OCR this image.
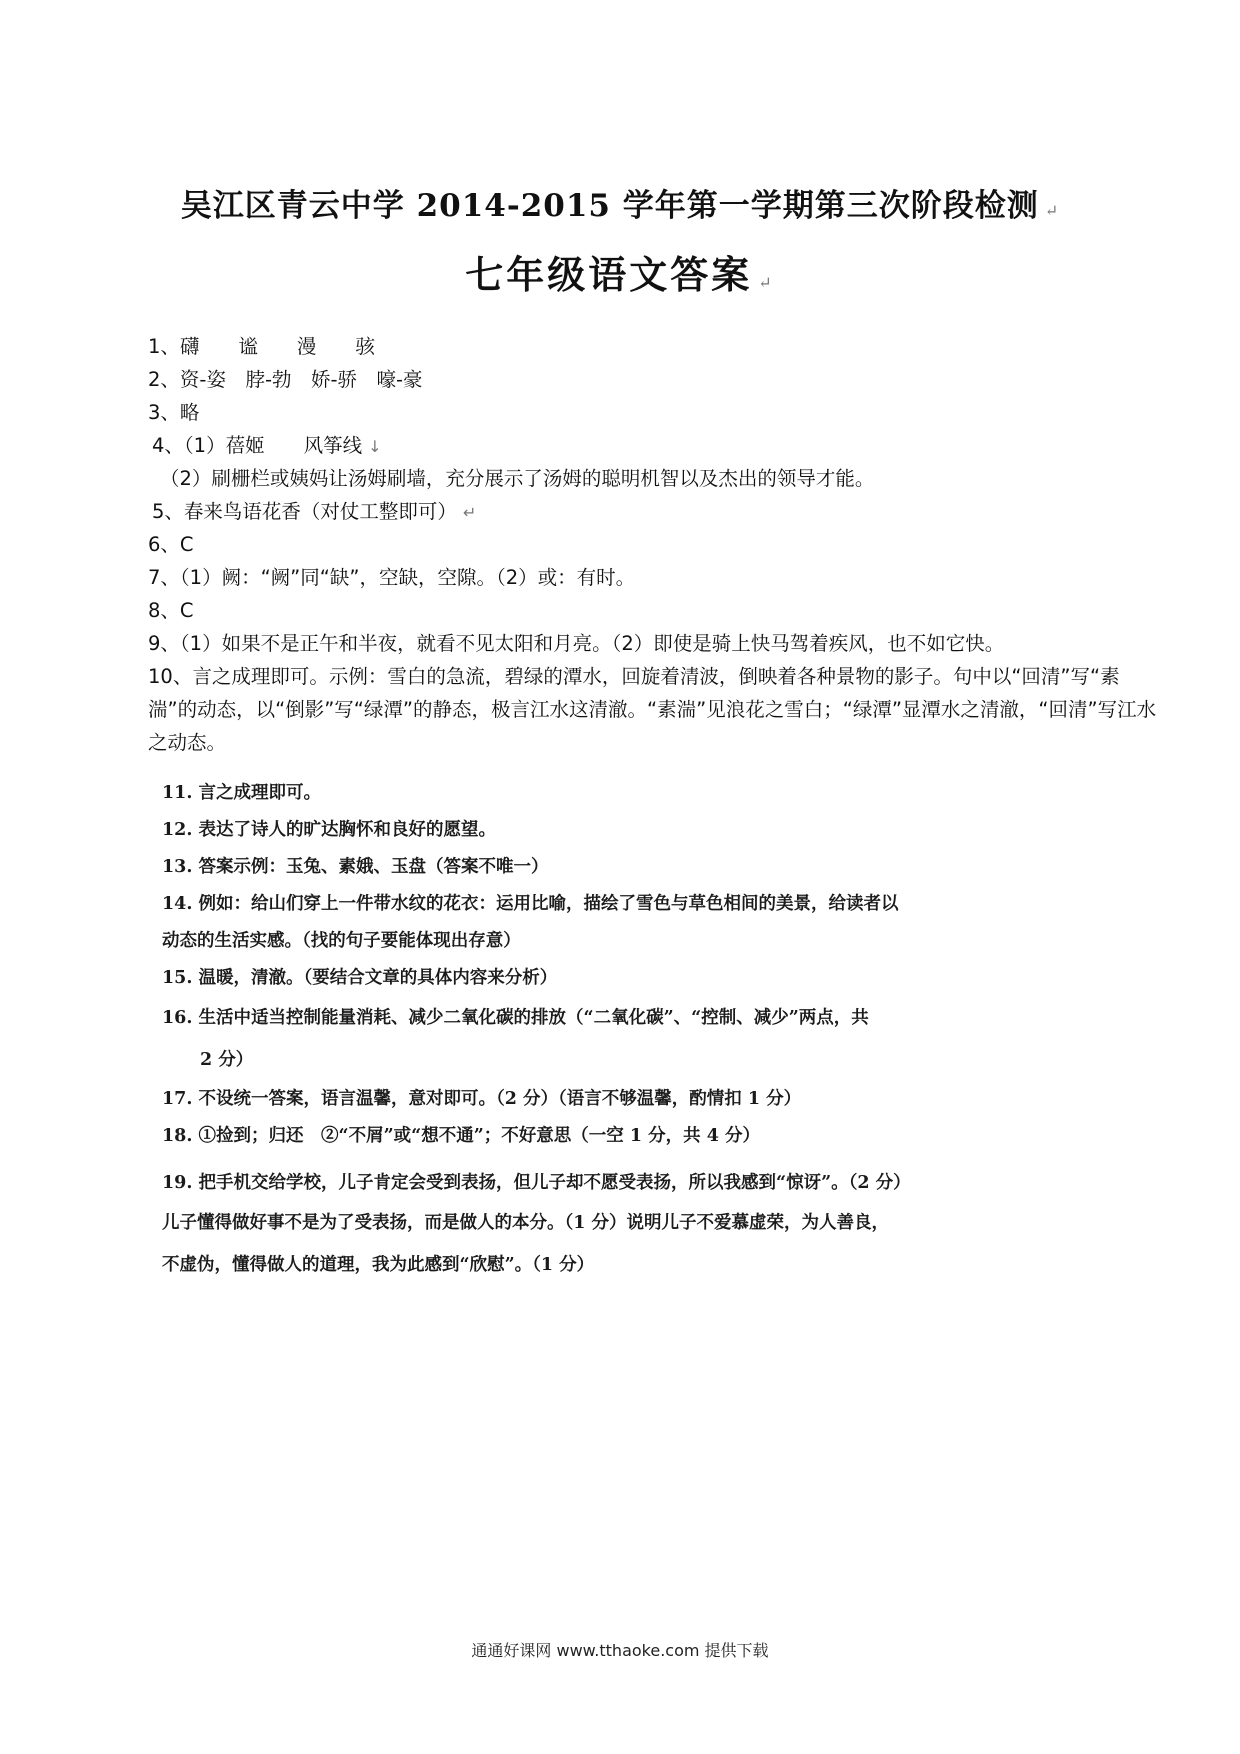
吴江区青云中学 2014-2015 学年第一学期第三次阶段检测 ↵
七年级语文答案 ↵
1、礴　　谧　　漫　　骇
2、资-姿　脖-勃　娇-骄　嚎-豪
3、略
4、（1）蓓姬　　风筝线 ↓
（2）刷栅栏或姨妈让汤姆刷墙，充分展示了汤姆的聪明机智以及杰出的领导才能。
5、春来鸟语花香（对仗工整即可） ↵
6、C
7、（1）阙：“阙”同“缺”，空缺，空隙。（2）或：有时。
8、C
9、（1）如果不是正午和半夜，就看不见太阳和月亮。（2）即使是骑上快马驾着疾风，也不如它快。
10、言之成理即可。示例：雪白的急流，碧绿的潭水，回旋着清波，倒映着各种景物的影子。句中以“回清”写“素湍”的动态，以“倒影”写“绿潭”的静态，极言江水这清澈。“素湍”见浪花之雪白；“绿潭”显潭水之清澈，“回清”写江水之动态。
11. 言之成理即可。
12. 表达了诗人的旷达胸怀和良好的愿望。
13. 答案示例：玉兔、素娥、玉盘（答案不唯一）
14. 例如：给山们穿上一件带水纹的花衣：运用比喻，描绘了雪色与草色相间的美景，给读者以
动态的生活实感。（找的句子要能体现出存意）
15. 温暖，清澈。（要结合文章的具体内容来分析）
16. 生活中适当控制能量消耗、减少二氧化碳的排放（“二氧化碳”、“控制、减少”两点，共
2 分）
17. 不设统一答案，语言温馨，意对即可。（2 分）（语言不够温馨，酌情扣 1 分）
18. ①捡到；归还　②“不屑”或“想不通”；不好意思（一空 1 分，共 4 分）
19. 把手机交给学校，儿子肯定会受到表扬，但儿子却不愿受表扬，所以我感到“惊讶”。（2 分）
儿子懂得做好事不是为了受表扬，而是做人的本分。（1 分）说明儿子不爱慕虚荣，为人善良，
不虚伪，懂得做人的道理，我为此感到“欣慰”。（1 分）
通通好课网 www.tthaoke.com 提供下载
